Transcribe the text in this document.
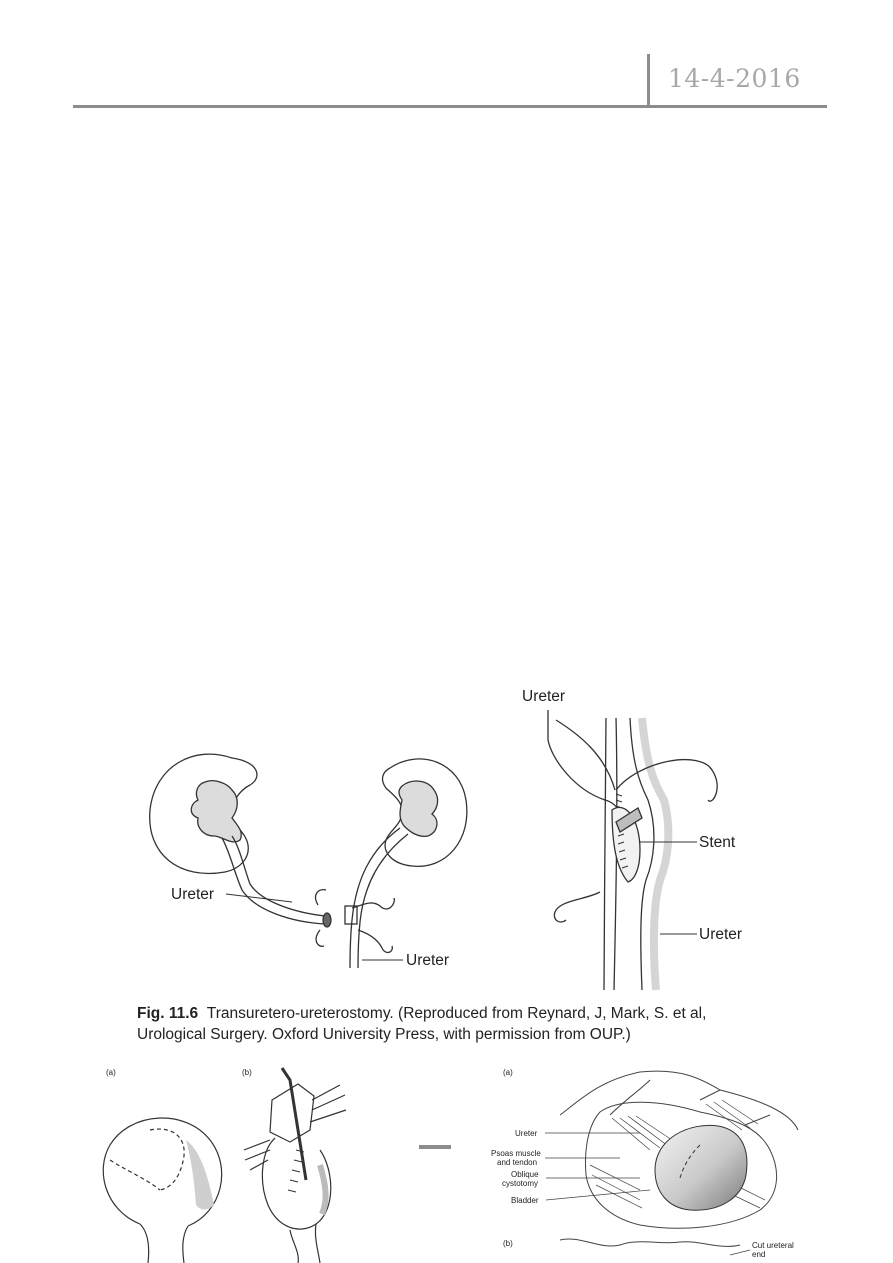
14-4-2016
Ureter
Ureter
Ureter
Stent
Ureter
(a)	(b)	(a)
(b)
Ureter
Psoas muscle
and tendon
Oblique
cystotomy
Bladder
Cut ureteral
end
Fig. 11.6 Transuretero-ureterostomy. (Reproduced from Reynard, J, Mark, S. et al, Urological Surgery. Oxford University Press, with permission from OUP.)
